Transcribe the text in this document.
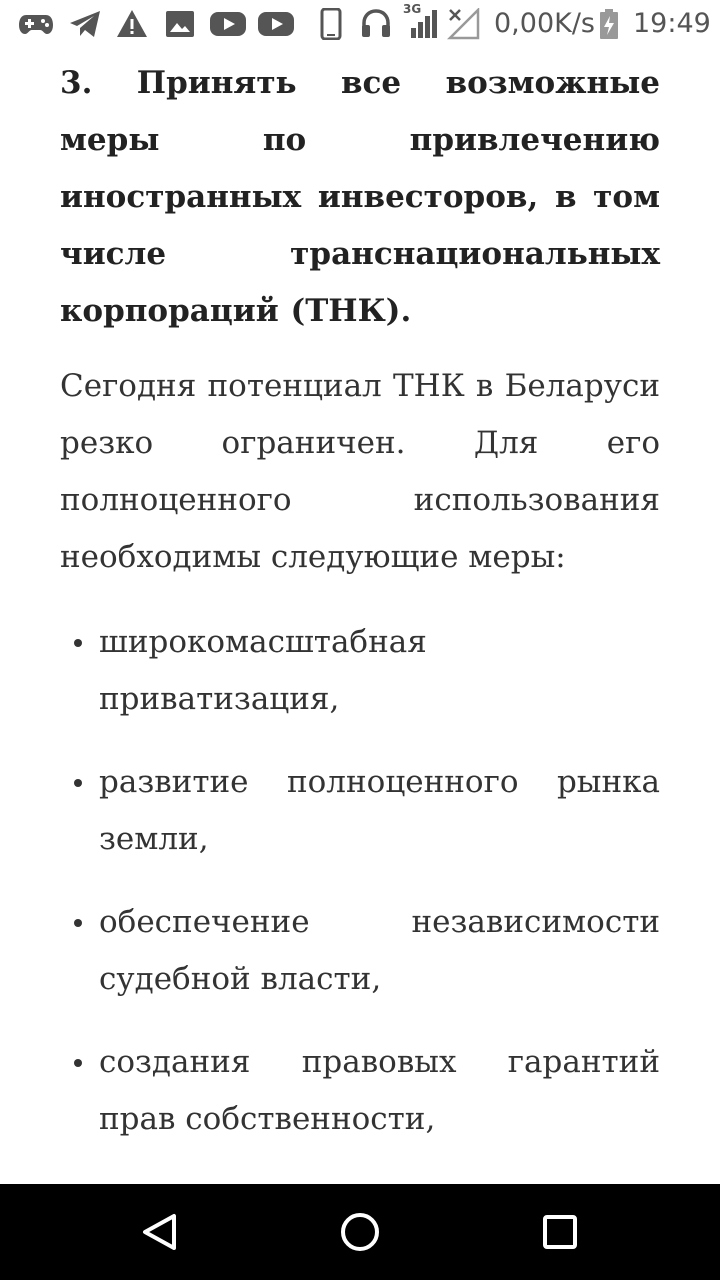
3G	0,00K/s 19:49
3. Принять все возможные меры по привлечению иностранных инвесторов, в том числе транснациональных корпораций (ТНК).

Сегодня потенциал ТНК в Беларуси резко ограничен. Для его полноценного использования необходимы следующие меры:

широкомасштабная приватизация,
развитие полноценного рынка земли,
обеспечение независимости судебной власти,
создания правовых гарантий прав собственности,
